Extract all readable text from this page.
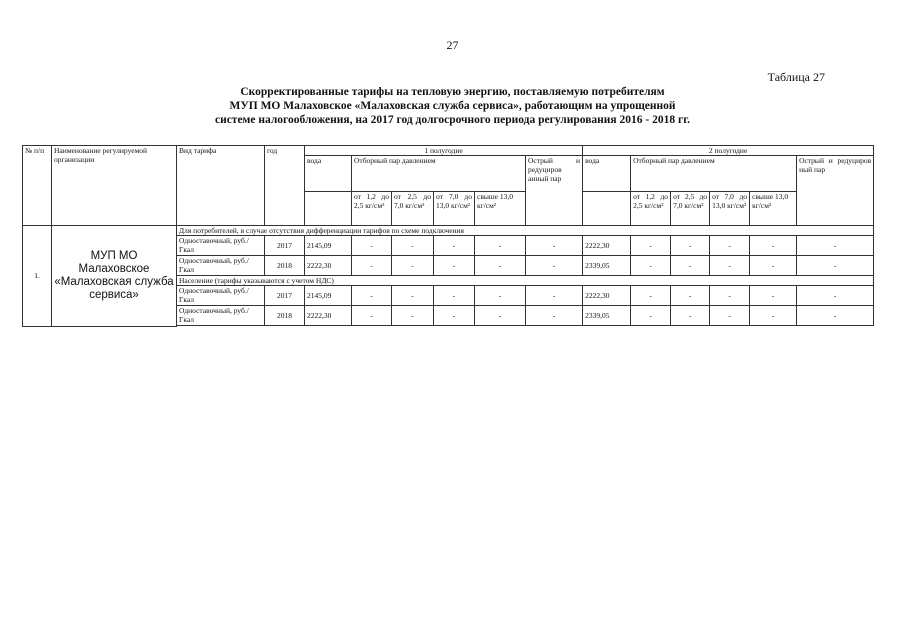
27
Таблица 27
Скорректированные тарифы на тепловую энергию, поставляемую потребителям
МУП МО Малаховское «Малаховская служба сервиса», работающим на упрощенной
системе налогообложения, на 2017 год долгосрочного периода регулирования 2016 - 2018 гг.
№ п/п	Наименование регулируемой организации	Вид тарифа	год	1 полугодие						2 полугодие					
				вода	Отборный пар давлением				Острый и редуциров анный пар	вода	Отборный пар давлением				Острый и редуциров ный пар
					от 1,2 до 2,5 кг/см²	от 2,5 до 7,0 кг/см²	от 7,0 до 13,0 кг/см²	свыше 13,0 кг/см²			от 1,2 до 2,5 кг/см²	от 2,5 до 7,0 кг/см²	от 7,0 до 13,0 кг/см²	свыше 13,0 кг/см²	
1.	МУП МО Малаховское «Малаховская служба сервиса»	Для потребителей, в случае отсутствия дифференциации тарифов по схеме подключения													
		Одноставочный, руб./Гкал	2017	2145,09	-	-	-	-	-	2222,30	-	-	-	-	-
		Одноставочный, руб./Гкал	2018	2222,30	-	-	-	-	-	2339,05	-	-	-	-	-
		Население (тарифы указываются с учетом НДС)													
		Одноставочный, руб./Гкал	2017	2145,09	-	-	-	-	-	2222,30	-	-	-	-	-
		Одноставочный, руб./Гкал	2018	2222,30	-	-	-	-	-	2339,05	-	-	-	-	-
